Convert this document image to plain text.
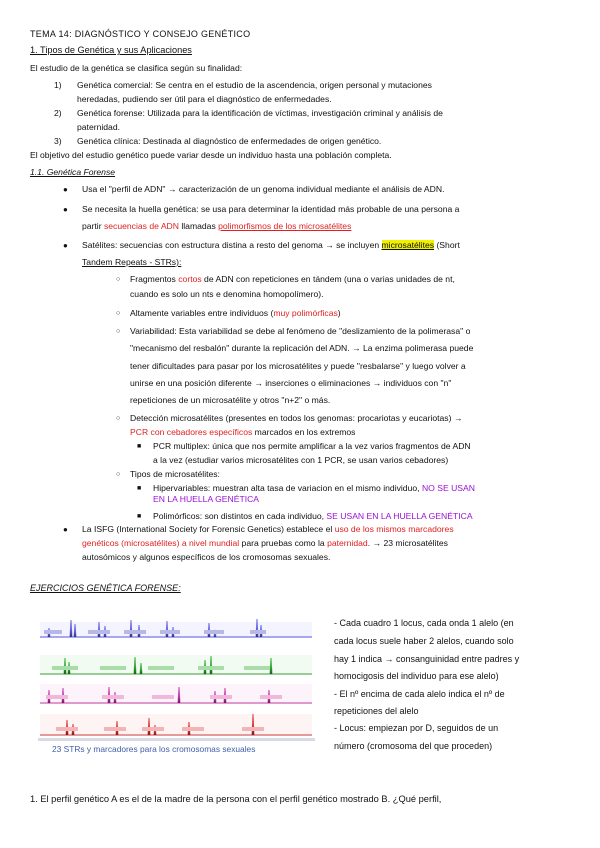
TEMA 14: DIAGNÓSTICO Y CONSEJO GENÉTICO
1. Tipos de Genética y sus Aplicaciones
El estudio de la genética se clasifica según su finalidad:
1) Genética comercial: Se centra en el estudio de la ascendencia, origen personal y mutaciones
heredadas, pudiendo ser útil para el diagnóstico de enfermedades.
2) Genética forense: Utilizada para la identificación de víctimas, investigación criminal y análisis de
paternidad.
3) Genética clínica: Destinada al diagnóstico de enfermedades de origen genético.
El objetivo del estudio genético puede variar desde un individuo hasta una población completa.
1.1. Genética Forense
● Usa el "perfil de ADN" → caracterización de un genoma individual mediante el análisis de ADN.
● Se necesita la huella genética: se usa para determinar la identidad más probable de una persona a
partir secuencias de ADN llamadas polimorfismos de los microsatélites
● Satélites: secuencias con estructura distina a resto del genoma → se incluyen microsatélites (Short
Tandem Repeats - STRs):
○ Fragmentos cortos de ADN con repeticiones en tándem (una o varias unidades de nt,
cuando es solo un nts e denomina homopolímero).
○ Altamente variables entre individuos (muy polimórficas)
○ Variabilidad: Esta variabilidad se debe al fenómeno de "deslizamiento de la polimerasa" o
"mecanismo del resbalón" durante la replicación del ADN. → La enzima polimerasa puede
tener dificultades para pasar por los microsatélites y puede "resbalarse" y luego volver a
unirse en una posición diferente → inserciones o eliminaciones → individuos con "n"
repeticiones de un microsatélite y otros "n+2" o más.
○ Detección microsatélites (presentes en todos los genomas: procariotas y eucariotas) →
PCR con cebadores específicos marcados en los extremos
■ PCR multiplex: única que nos permite amplificar a la vez varios fragmentos de ADN
a la vez (estudiar varios microsatélites con 1 PCR, se usan varios cebadores)
○ Tipos de microsatélites:
■ Hipervariables: muestran alta tasa de variacion en el mismo individuo, NO SE USAN
EN LA HUELLA GENÉTICA
■ Polimórficos: son distintos en cada individuo, SE USAN EN LA HUELLA GENÉTICA
● La ISFG (International Society for Forensic Genetics) establece el uso de los mismos marcadores
genéticos (microsatélites) a nivel mundial para pruebas como la paternidad. → 23 microsatélites
autosómicos y algunos específicos de los cromosomas sexuales.
EJERCICIOS GENÉTICA FORENSE:
23 STRs y marcadores para los cromosomas sexuales
- Cada cuadro 1 locus, cada onda 1 alelo (en
cada locus suele haber 2 alelos, cuando solo
hay 1 indica → consanguinidad entre padres y
homocigosis del individuo para ese alelo)
- El nº encima de cada alelo indica el nº de
repeticiones del alelo
- Locus: empiezan por D, seguidos de un
número (cromosoma del que proceden)
1. El perfil genético A es el de la madre de la persona con el perfil genético mostrado B. ¿Qué perfil,
